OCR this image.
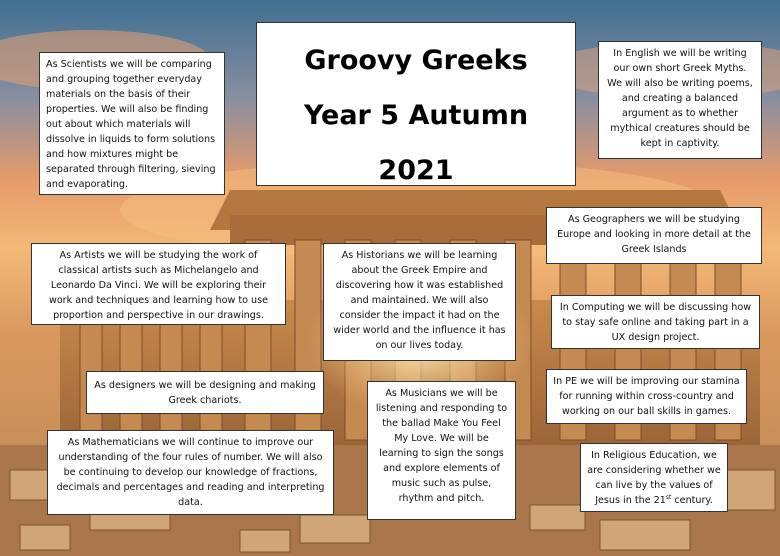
Groovy Greeks
Year 5 Autumn
2021
As Scientists we will be comparing and grouping together everyday materials on the basis of their properties. We will also be finding out about which materials will dissolve in liquids to form solutions and how mixtures might be separated through filtering, sieving and evaporating.
In English we will be writing our own short Greek Myths. We will also be writing poems, and creating a balanced argument as to whether mythical creatures should be kept in captivity.
As Geographers we will be studying Europe and looking in more detail at the Greek Islands
As Artists we will be studying the work of classical artists such as Michelangelo and Leonardo Da Vinci. We will be exploring their work and techniques and learning how to use proportion and perspective in our drawings.
As Historians we will be learning about the Greek Empire and discovering how it was established and maintained. We will also consider the impact it had on the wider world and the influence it has on our lives today.
In Computing we will be discussing how to stay safe online and taking part in a UX design project.
As designers we will be designing and making Greek chariots.
In PE we will be improving our stamina for running within cross-country and working on our ball skills in games.
As Musicians we will be listening and responding to the ballad Make You Feel My Love. We will be learning to sign the songs and explore elements of music such as pulse, rhythm and pitch.
As Mathematicians we will continue to improve our understanding of the four rules of number. We will also be continuing to develop our knowledge of fractions, decimals and percentages and reading and interpreting data.
In Religious Education, we are considering whether we can live by the values of Jesus in the 21st century.
